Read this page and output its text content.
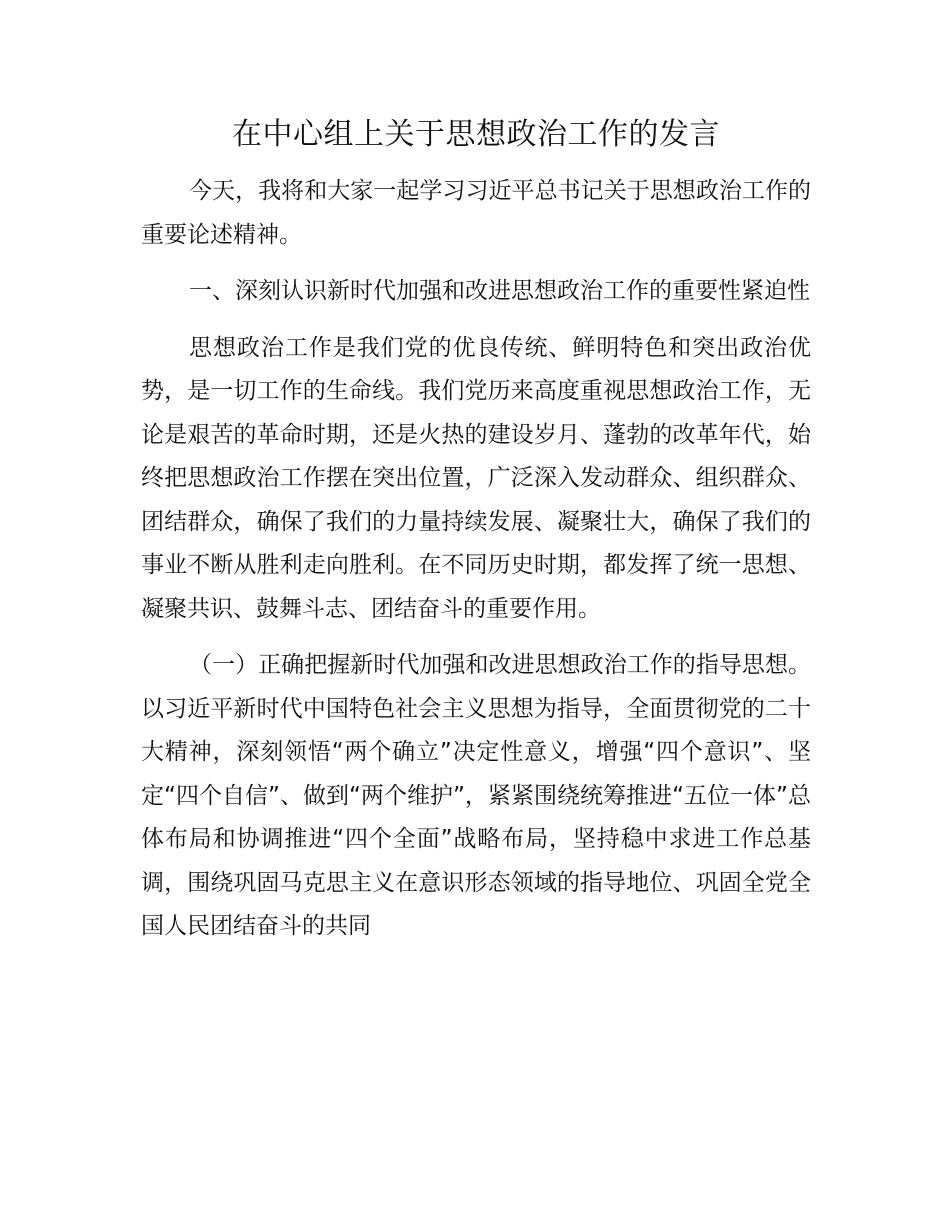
在中心组上关于思想政治工作的发言

今天，我将和大家一起学习习近平总书记关于思想政治工作的重要论述精神。

一、深刻认识新时代加强和改进思想政治工作的重要性紧迫性

思想政治工作是我们党的优良传统、鲜明特色和突出政治优势，是一切工作的生命线。我们党历来高度重视思想政治工作，无论是艰苦的革命时期，还是火热的建设岁月、蓬勃的改革年代，始终把思想政治工作摆在突出位置，广泛深入发动群众、组织群众、团结群众，确保了我们的力量持续发展、凝聚壮大，确保了我们的事业不断从胜利走向胜利。在不同历史时期，都发挥了统一思想、凝聚共识、鼓舞斗志、团结奋斗的重要作用。

（一）正确把握新时代加强和改进思想政治工作的指导思想。以习近平新时代中国特色社会主义思想为指导，全面贯彻党的二十大精神，深刻领悟“两个确立”决定性意义，增强“四个意识”、坚定“四个自信”、做到“两个维护”，紧紧围绕统筹推进“五位一体”总体布局和协调推进“四个全面”战略布局，坚持稳中求进工作总基调，围绕巩固马克思主义在意识形态领域的指导地位、巩固全党全国人民团结奋斗的共同
